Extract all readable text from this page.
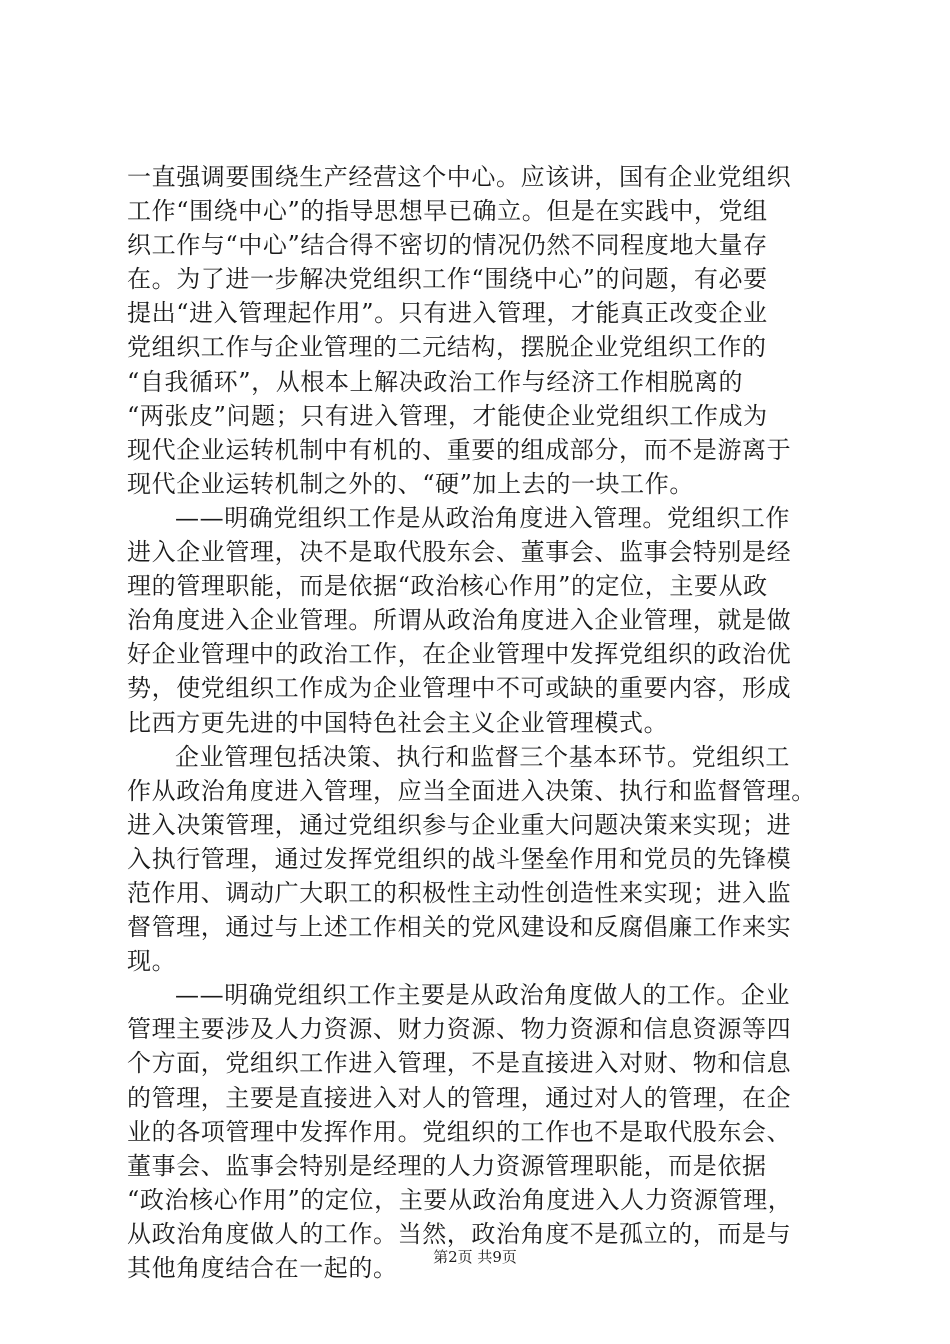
一直强调要围绕生产经营这个中心。应该讲，国有企业党组织
工作“围绕中心”的指导思想早已确立。但是在实践中，党组
织工作与“中心”结合得不密切的情况仍然不同程度地大量存
在。为了进一步解决党组织工作“围绕中心”的问题，有必要
提出“进入管理起作用”。只有进入管理，才能真正改变企业
党组织工作与企业管理的二元结构，摆脱企业党组织工作的
“自我循环”，从根本上解决政治工作与经济工作相脱离的
“两张皮”问题；只有进入管理，才能使企业党组织工作成为
现代企业运转机制中有机的、重要的组成部分，而不是游离于
现代企业运转机制之外的、“硬”加上去的一块工作。
——明确党组织工作是从政治角度进入管理。党组织工作
进入企业管理，决不是取代股东会、董事会、监事会特别是经
理的管理职能，而是依据“政治核心作用”的定位，主要从政
治角度进入企业管理。所谓从政治角度进入企业管理，就是做
好企业管理中的政治工作，在企业管理中发挥党组织的政治优
势，使党组织工作成为企业管理中不可或缺的重要内容，形成
比西方更先进的中国特色社会主义企业管理模式。
企业管理包括决策、执行和监督三个基本环节。党组织工
作从政治角度进入管理，应当全面进入决策、执行和监督管理。
进入决策管理，通过党组织参与企业重大问题决策来实现；进
入执行管理，通过发挥党组织的战斗堡垒作用和党员的先锋模
范作用、调动广大职工的积极性主动性创造性来实现；进入监
督管理，通过与上述工作相关的党风建设和反腐倡廉工作来实
现。
——明确党组织工作主要是从政治角度做人的工作。企业
管理主要涉及人力资源、财力资源、物力资源和信息资源等四
个方面，党组织工作进入管理，不是直接进入对财、物和信息
的管理，主要是直接进入对人的管理，通过对人的管理，在企
业的各项管理中发挥作用。党组织的工作也不是取代股东会、
董事会、监事会特别是经理的人力资源管理职能，而是依据
“政治核心作用”的定位，主要从政治角度进入人力资源管理，
从政治角度做人的工作。当然，政治角度不是孤立的，而是与
其他角度结合在一起的。	第2页 共9页
